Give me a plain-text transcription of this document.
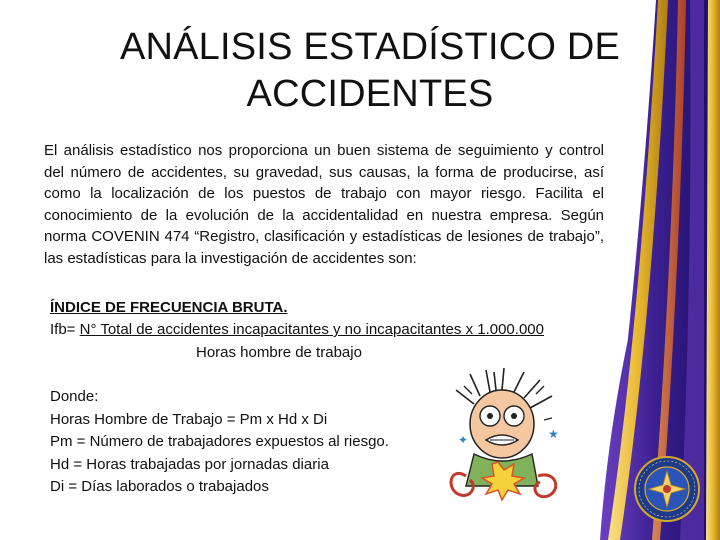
ANÁLISIS ESTADÍSTICO DE
ACCIDENTES
El análisis estadístico nos proporciona un buen sistema de seguimiento y control del número de accidentes, su gravedad, sus causas, la forma de producirse, así como la localización de los puestos de trabajo con mayor riesgo. Facilita el conocimiento de la evolución de la accidentalidad en nuestra empresa. Según norma COVENIN 474 “Registro, clasificación y estadísticas de lesiones de trabajo”, las estadísticas para la investigación de accidentes son:
ÍNDICE DE FRECUENCIA BRUTA.
Ifb= N° Total de accidentes incapacitantes y no incapacitantes x 1.000.000
Horas hombre de trabajo
Donde:
Horas Hombre de Trabajo = Pm x Hd x Di
Pm = Número de trabajadores expuestos al riesgo.
Hd = Horas trabajadas por jornadas diaria
Di = Días laborados o trabajados
✦	★
